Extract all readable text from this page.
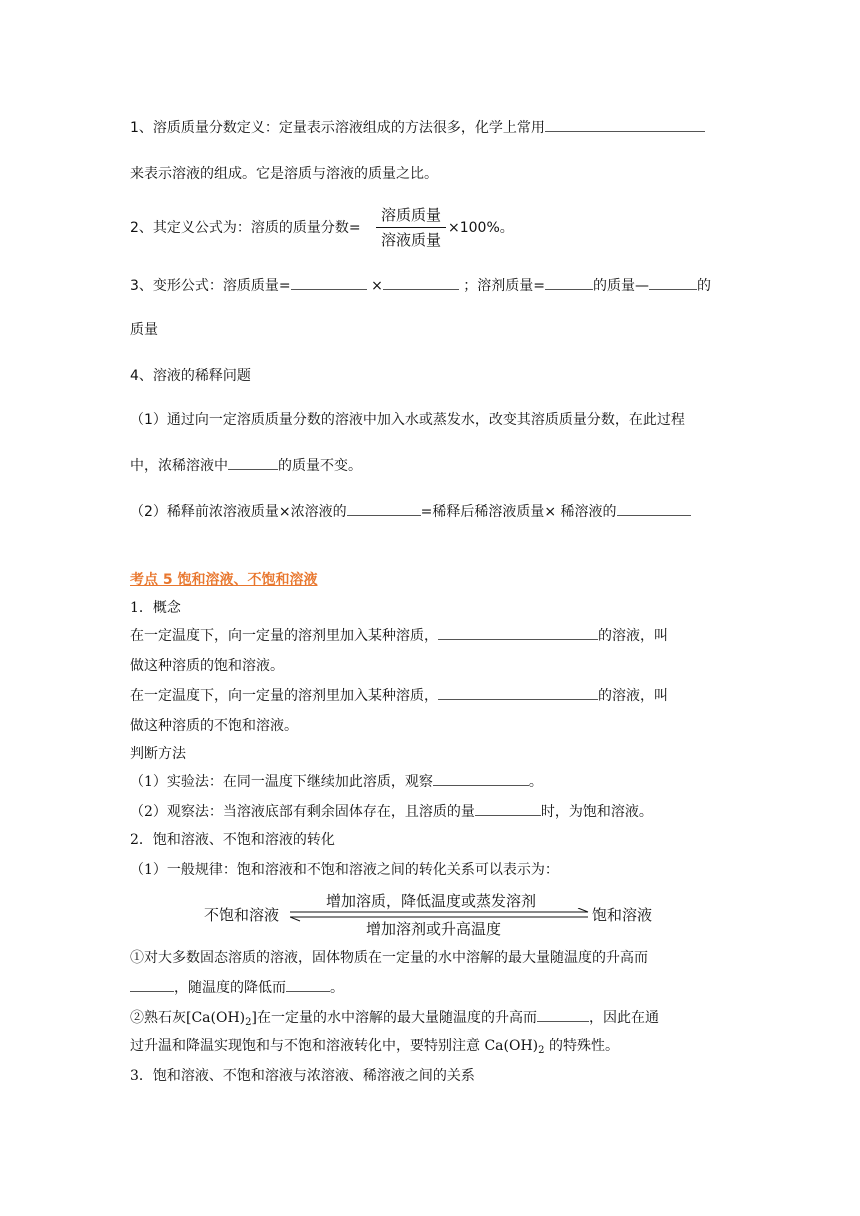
1、溶质质量分数定义：定量表示溶液组成的方法很多，化学上常用
来表示溶液的组成。它是溶质与溶液的质量之比。
2、其定义公式为：溶质的质量分数=
溶质质量
溶液质量
×100%。
3、变形公式：溶质质量=	×	；溶剂质量=	的质量—	的
质量
4、溶液的稀释问题
（1）通过向一定溶质质量分数的溶液中加入水或蒸发水，改变其溶质质量分数，在此过程
中，浓稀溶液中	的质量不变。
（2）稀释前浓溶液质量×浓溶液的	=稀释后稀溶液质量× 稀溶液的
考点 5 饱和溶液、不饱和溶液
1．概念
在一定温度下，向一定量的溶剂里加入某种溶质，	的溶液，叫
做这种溶质的饱和溶液。
在一定温度下，向一定量的溶剂里加入某种溶质，	的溶液，叫
做这种溶质的不饱和溶液。
判断方法
（1）实验法：在同一温度下继续加此溶质，观察	。
（2）观察法：当溶液底部有剩余固体存在，且溶质的量	时，为饱和溶液。
2．饱和溶液、不饱和溶液的转化
（1）一般规律：饱和溶液和不饱和溶液之间的转化关系可以表示为：
不饱和溶液
增加溶质，降低温度或蒸发溶剂
增加溶剂或升高温度
饱和溶液
①对大多数固态溶质的溶液，固体物质在一定量的水中溶解的最大量随温度的升高而
，随温度的降低而	。
②熟石灰$[Ca(OH)_2]$在一定量的水中溶解的最大量随温度的升高而	，因此在通
过升温和降温实现饱和与不饱和溶液转化中，要特别注意 $Ca(OH)_2$ 的特殊性。
3．饱和溶液、不饱和溶液与浓溶液、稀溶液之间的关系
